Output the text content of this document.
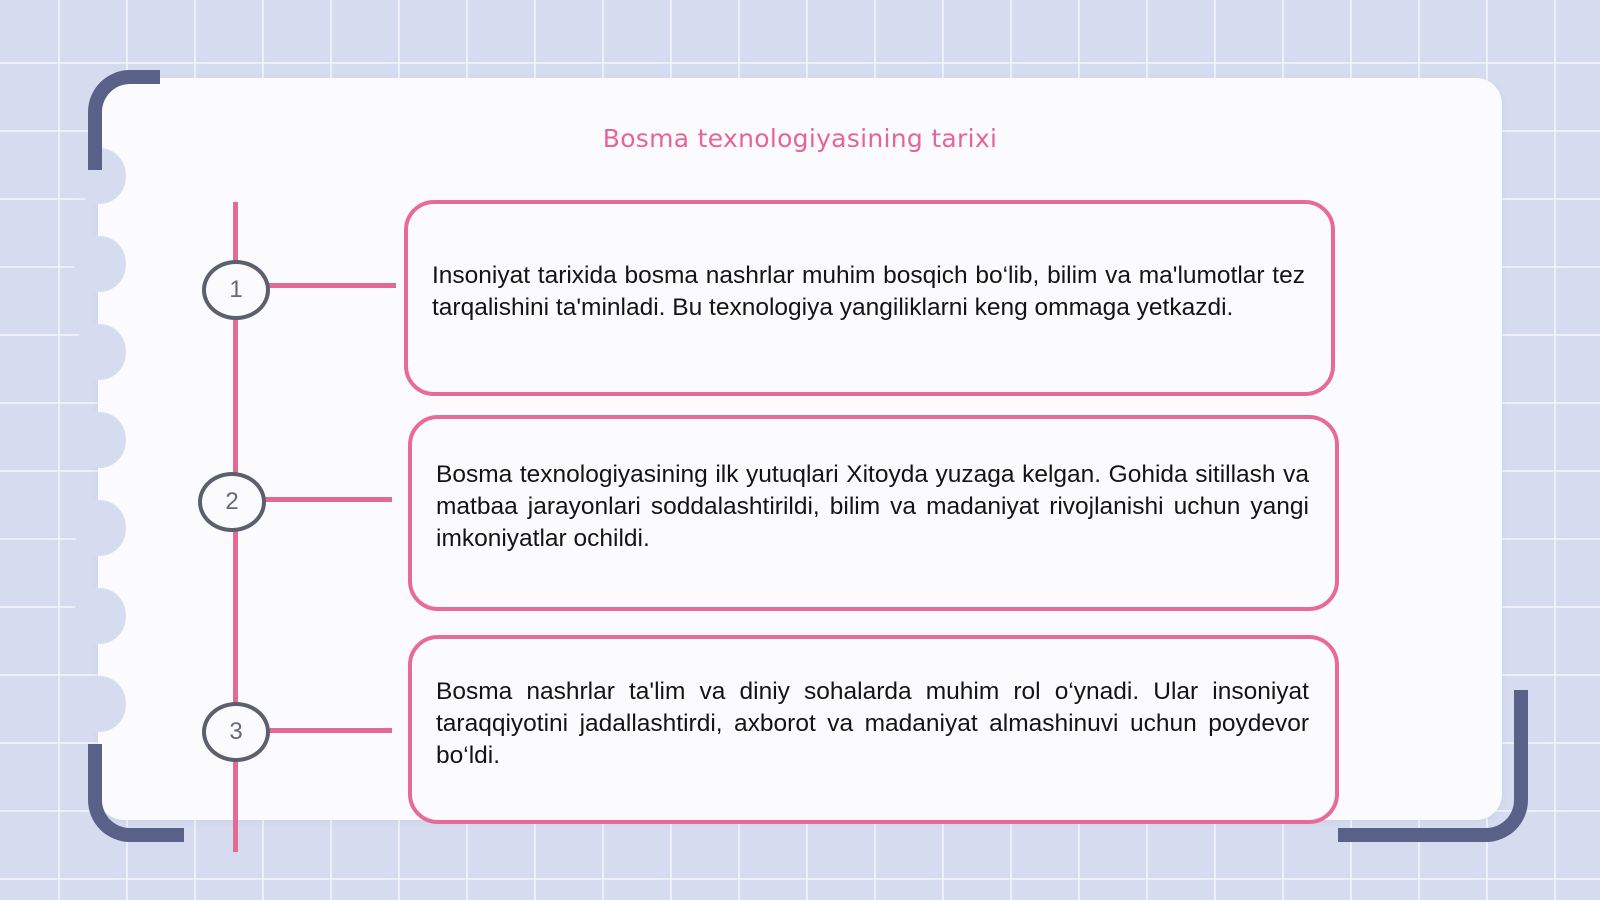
Bosma texnologiyasining tarixi
1
2
3

Insoniyat tarixida bosma nashrlar muhim bosqich bo‘lib, bilim va ma'lumotlar tez tarqalishini ta'minladi. Bu texnologiya yangiliklarni keng ommaga yetkazdi.

Bosma texnologiyasining ilk yutuqlari Xitoyda yuzaga kelgan. Gohida sitillash va matbaa jarayonlari soddalashtirildi, bilim va madaniyat rivojlanishi uchun yangi imkoniyatlar ochildi.

Bosma nashrlar ta'lim va diniy sohalarda muhim rol o‘ynadi. Ular insoniyat taraqqiyotini jadallashtirdi, axborot va madaniyat almashinuvi uchun poydevor bo‘ldi.
